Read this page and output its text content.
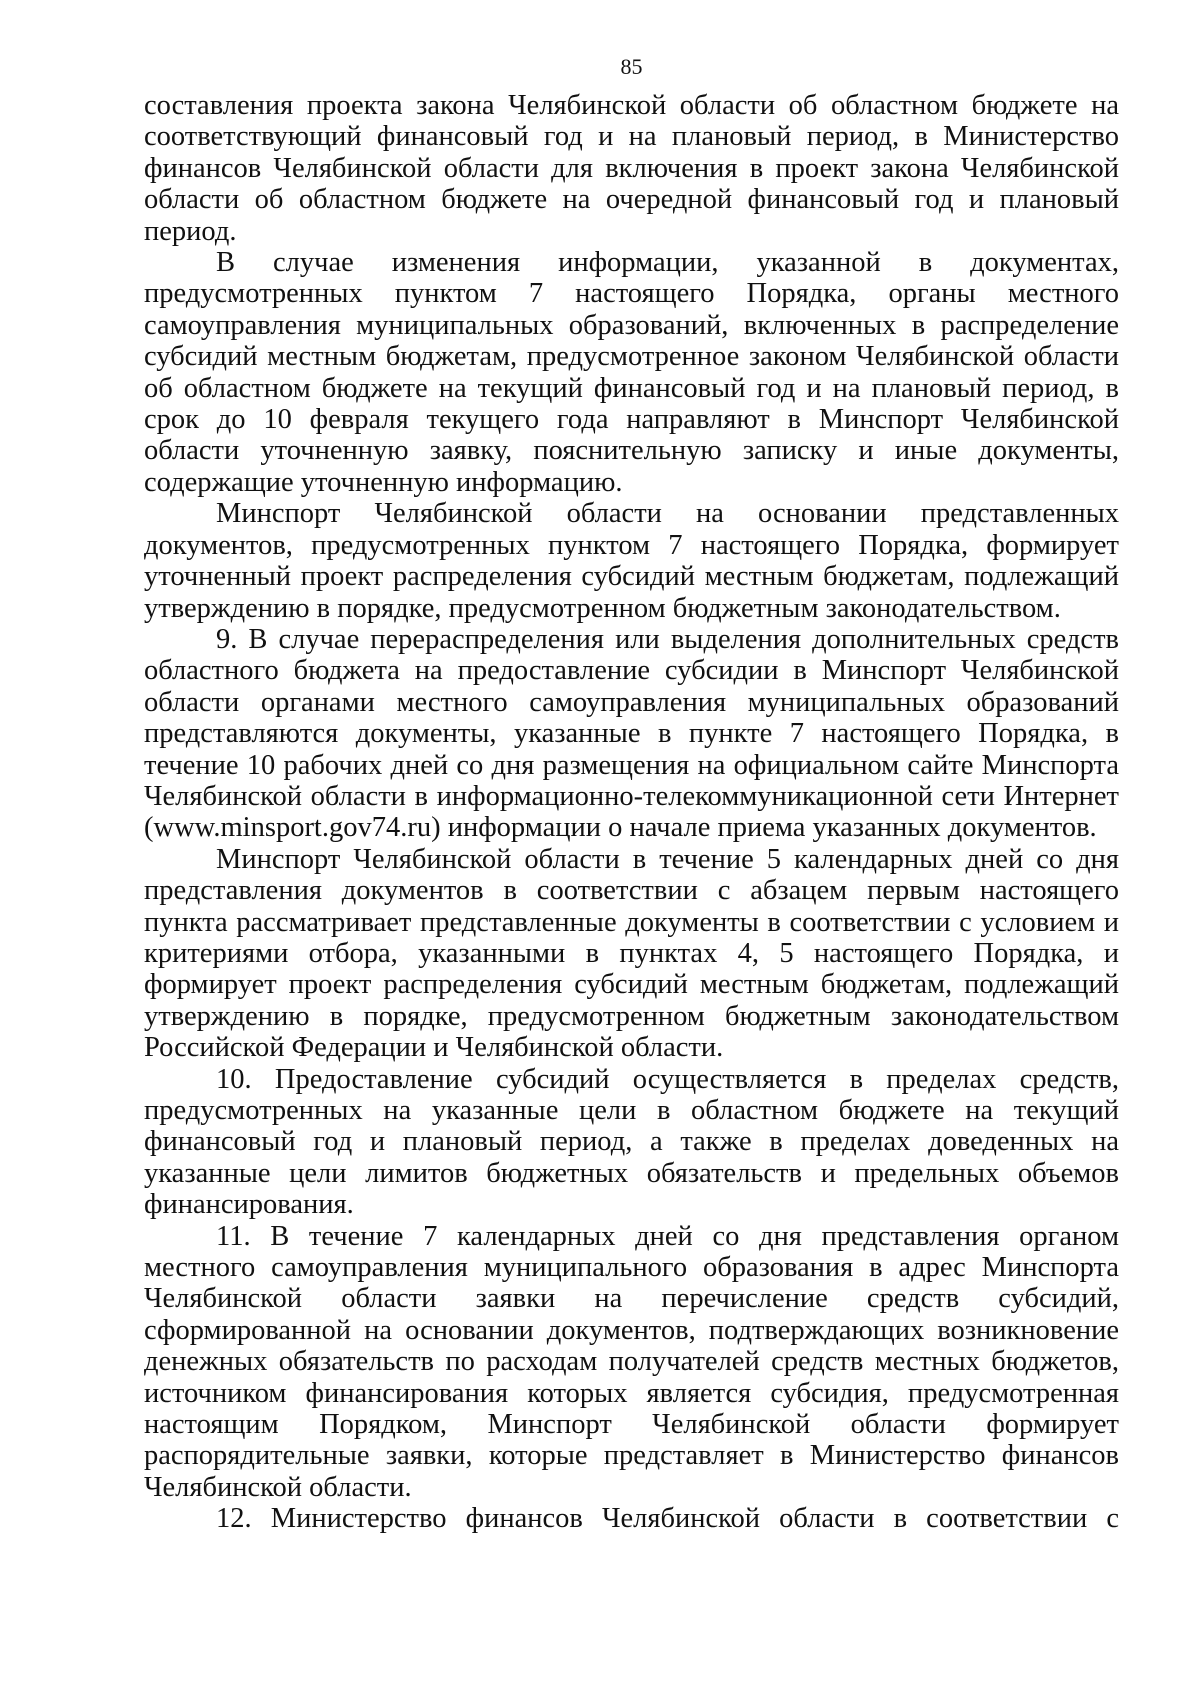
85

составления проекта закона Челябинской области об областном бюджете на соответствующий финансовый год и на плановый период, в Министерство финансов Челябинской области для включения в проект закона Челябинской области об областном бюджете на очередной финансовый год и плановый период.

В случае изменения информации, указанной в документах, предусмотренных пунктом 7 настоящего Порядка, органы местного самоуправления муниципальных образований, включенных в распределение субсидий местным бюджетам, предусмотренное законом Челябинской области об областном бюджете на текущий финансовый год и на плановый период, в срок до 10 февраля текущего года направляют в Минспорт Челябинской области уточненную заявку, пояснительную записку и иные документы, содержащие уточненную информацию.

Минспорт Челябинской области на основании представленных документов, предусмотренных пунктом 7 настоящего Порядка, формирует уточненный проект распределения субсидий местным бюджетам, подлежащий утверждению в порядке, предусмотренном бюджетным законодательством.

9. В случае перераспределения или выделения дополнительных средств областного бюджета на предоставление субсидии в Минспорт Челябинской области органами местного самоуправления муниципальных образований представляются документы, указанные в пункте 7 настоящего Порядка, в течение 10 рабочих дней со дня размещения на официальном сайте Минспорта Челябинской области в информационно-телекоммуникационной сети Интернет (www.minsport.gov74.ru) информации о начале приема указанных документов.

Минспорт Челябинской области в течение 5 календарных дней со дня представления документов в соответствии с абзацем первым настоящего пункта рассматривает представленные документы в соответствии с условием и критериями отбора, указанными в пунктах 4, 5 настоящего Порядка, и формирует проект распределения субсидий местным бюджетам, подлежащий утверждению в порядке, предусмотренном бюджетным законодательством Российской Федерации и Челябинской области.

10. Предоставление субсидий осуществляется в пределах средств, предусмотренных на указанные цели в областном бюджете на текущий финансовый год и плановый период, а также в пределах доведенных на указанные цели лимитов бюджетных обязательств и предельных объемов финансирования.

11. В течение 7 календарных дней со дня представления органом местного самоуправления муниципального образования в адрес Минспорта Челябинской области заявки на перечисление средств субсидий, сформированной на основании документов, подтверждающих возникновение денежных обязательств по расходам получателей средств местных бюджетов, источником финансирования которых является субсидия, предусмотренная настоящим Порядком, Минспорт Челябинской области формирует распорядительные заявки, которые представляет в Министерство финансов Челябинской области.

12. Министерство финансов Челябинской области в соответствии с
